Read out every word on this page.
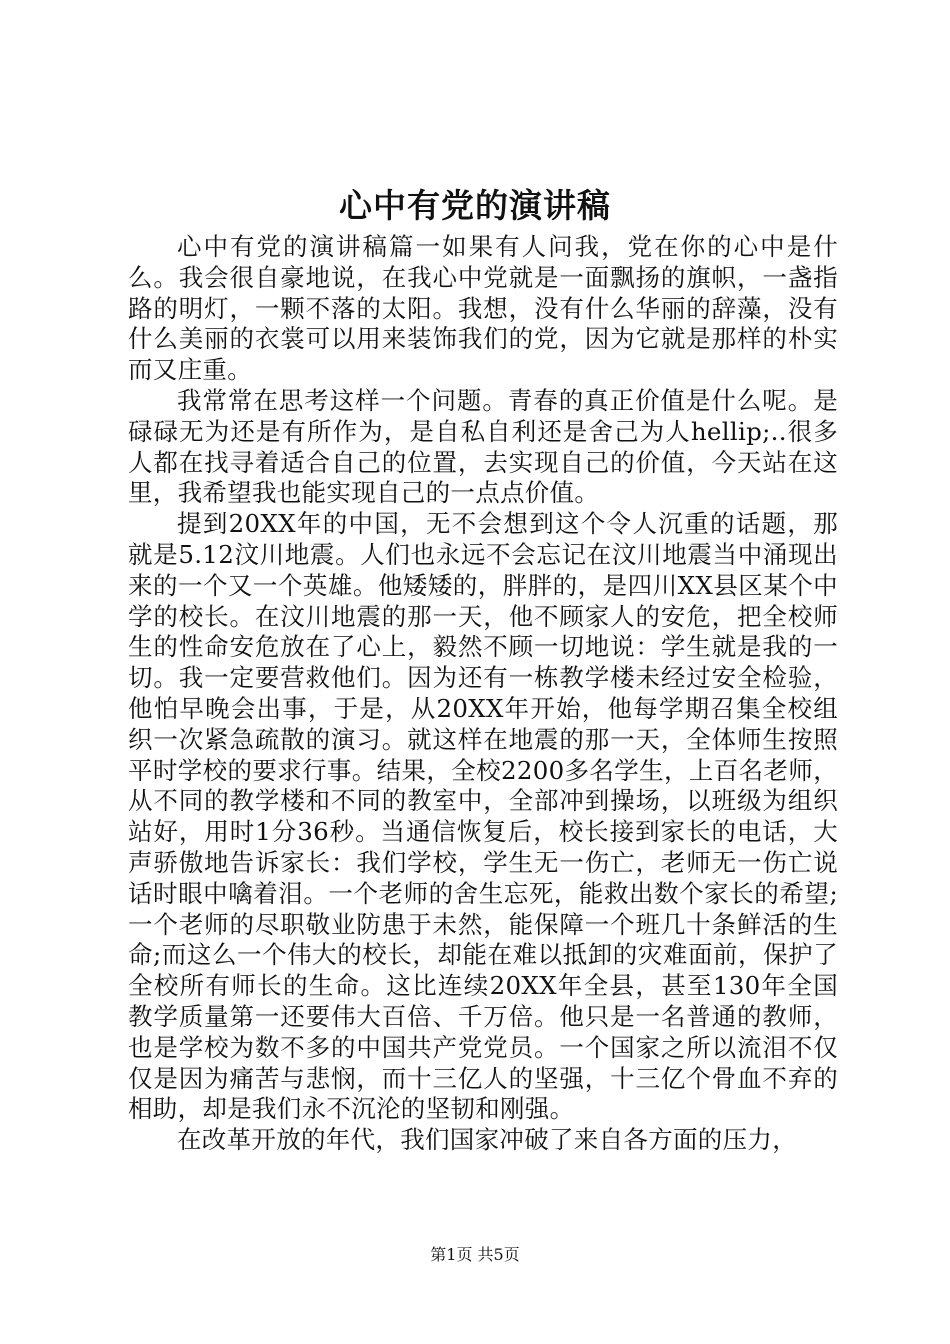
心中有党的演讲稿

心中有党的演讲稿篇一如果有人问我，党在你的心中是什么。我会很自豪地说，在我心中党就是一面飘扬的旗帜，一盏指路的明灯，一颗不落的太阳。我想，没有什么华丽的辞藻，没有什么美丽的衣裳可以用来装饰我们的党，因为它就是那样的朴实而又庄重。

我常常在思考这样一个问题。青春的真正价值是什么呢。是碌碌无为还是有所作为，是自私自利还是舍己为人hellip;..很多人都在找寻着适合自己的位置，去实现自己的价值，今天站在这里，我希望我也能实现自己的一点点价值。

提到20XX年的中国，无不会想到这个令人沉重的话题，那就是5.12汶川地震。人们也永远不会忘记在汶川地震当中涌现出来的一个又一个英雄。他矮矮的，胖胖的，是四川XX县区某个中学的校长。在汶川地震的那一天，他不顾家人的安危，把全校师生的性命安危放在了心上，毅然不顾一切地说：学生就是我的一切。我一定要营救他们。因为还有一栋教学楼未经过安全检验，他怕早晚会出事，于是，从20XX年开始，他每学期召集全校组织一次紧急疏散的演习。就这样在地震的那一天，全体师生按照平时学校的要求行事。结果，全校2200多名学生，上百名老师，从不同的教学楼和不同的教室中，全部冲到操场，以班级为组织站好，用时1分36秒。当通信恢复后，校长接到家长的电话，大声骄傲地告诉家长：我们学校，学生无一伤亡，老师无一伤亡说话时眼中噙着泪。一个老师的舍生忘死，能救出数个家长的希望;一个老师的尽职敬业防患于未然，能保障一个班几十条鲜活的生命;而这么一个伟大的校长，却能在难以抵卸的灾难面前，保护了全校所有师长的生命。这比连续20XX年全县，甚至130年全国教学质量第一还要伟大百倍、千万倍。他只是一名普通的教师，也是学校为数不多的中国共产党党员。一个国家之所以流泪不仅仅是因为痛苦与悲悯，而十三亿人的坚强，十三亿个骨血不弃的相助，却是我们永不沉沦的坚韧和刚强。

在改革开放的年代，我们国家冲破了来自各方面的压力，

第1页 共5页
